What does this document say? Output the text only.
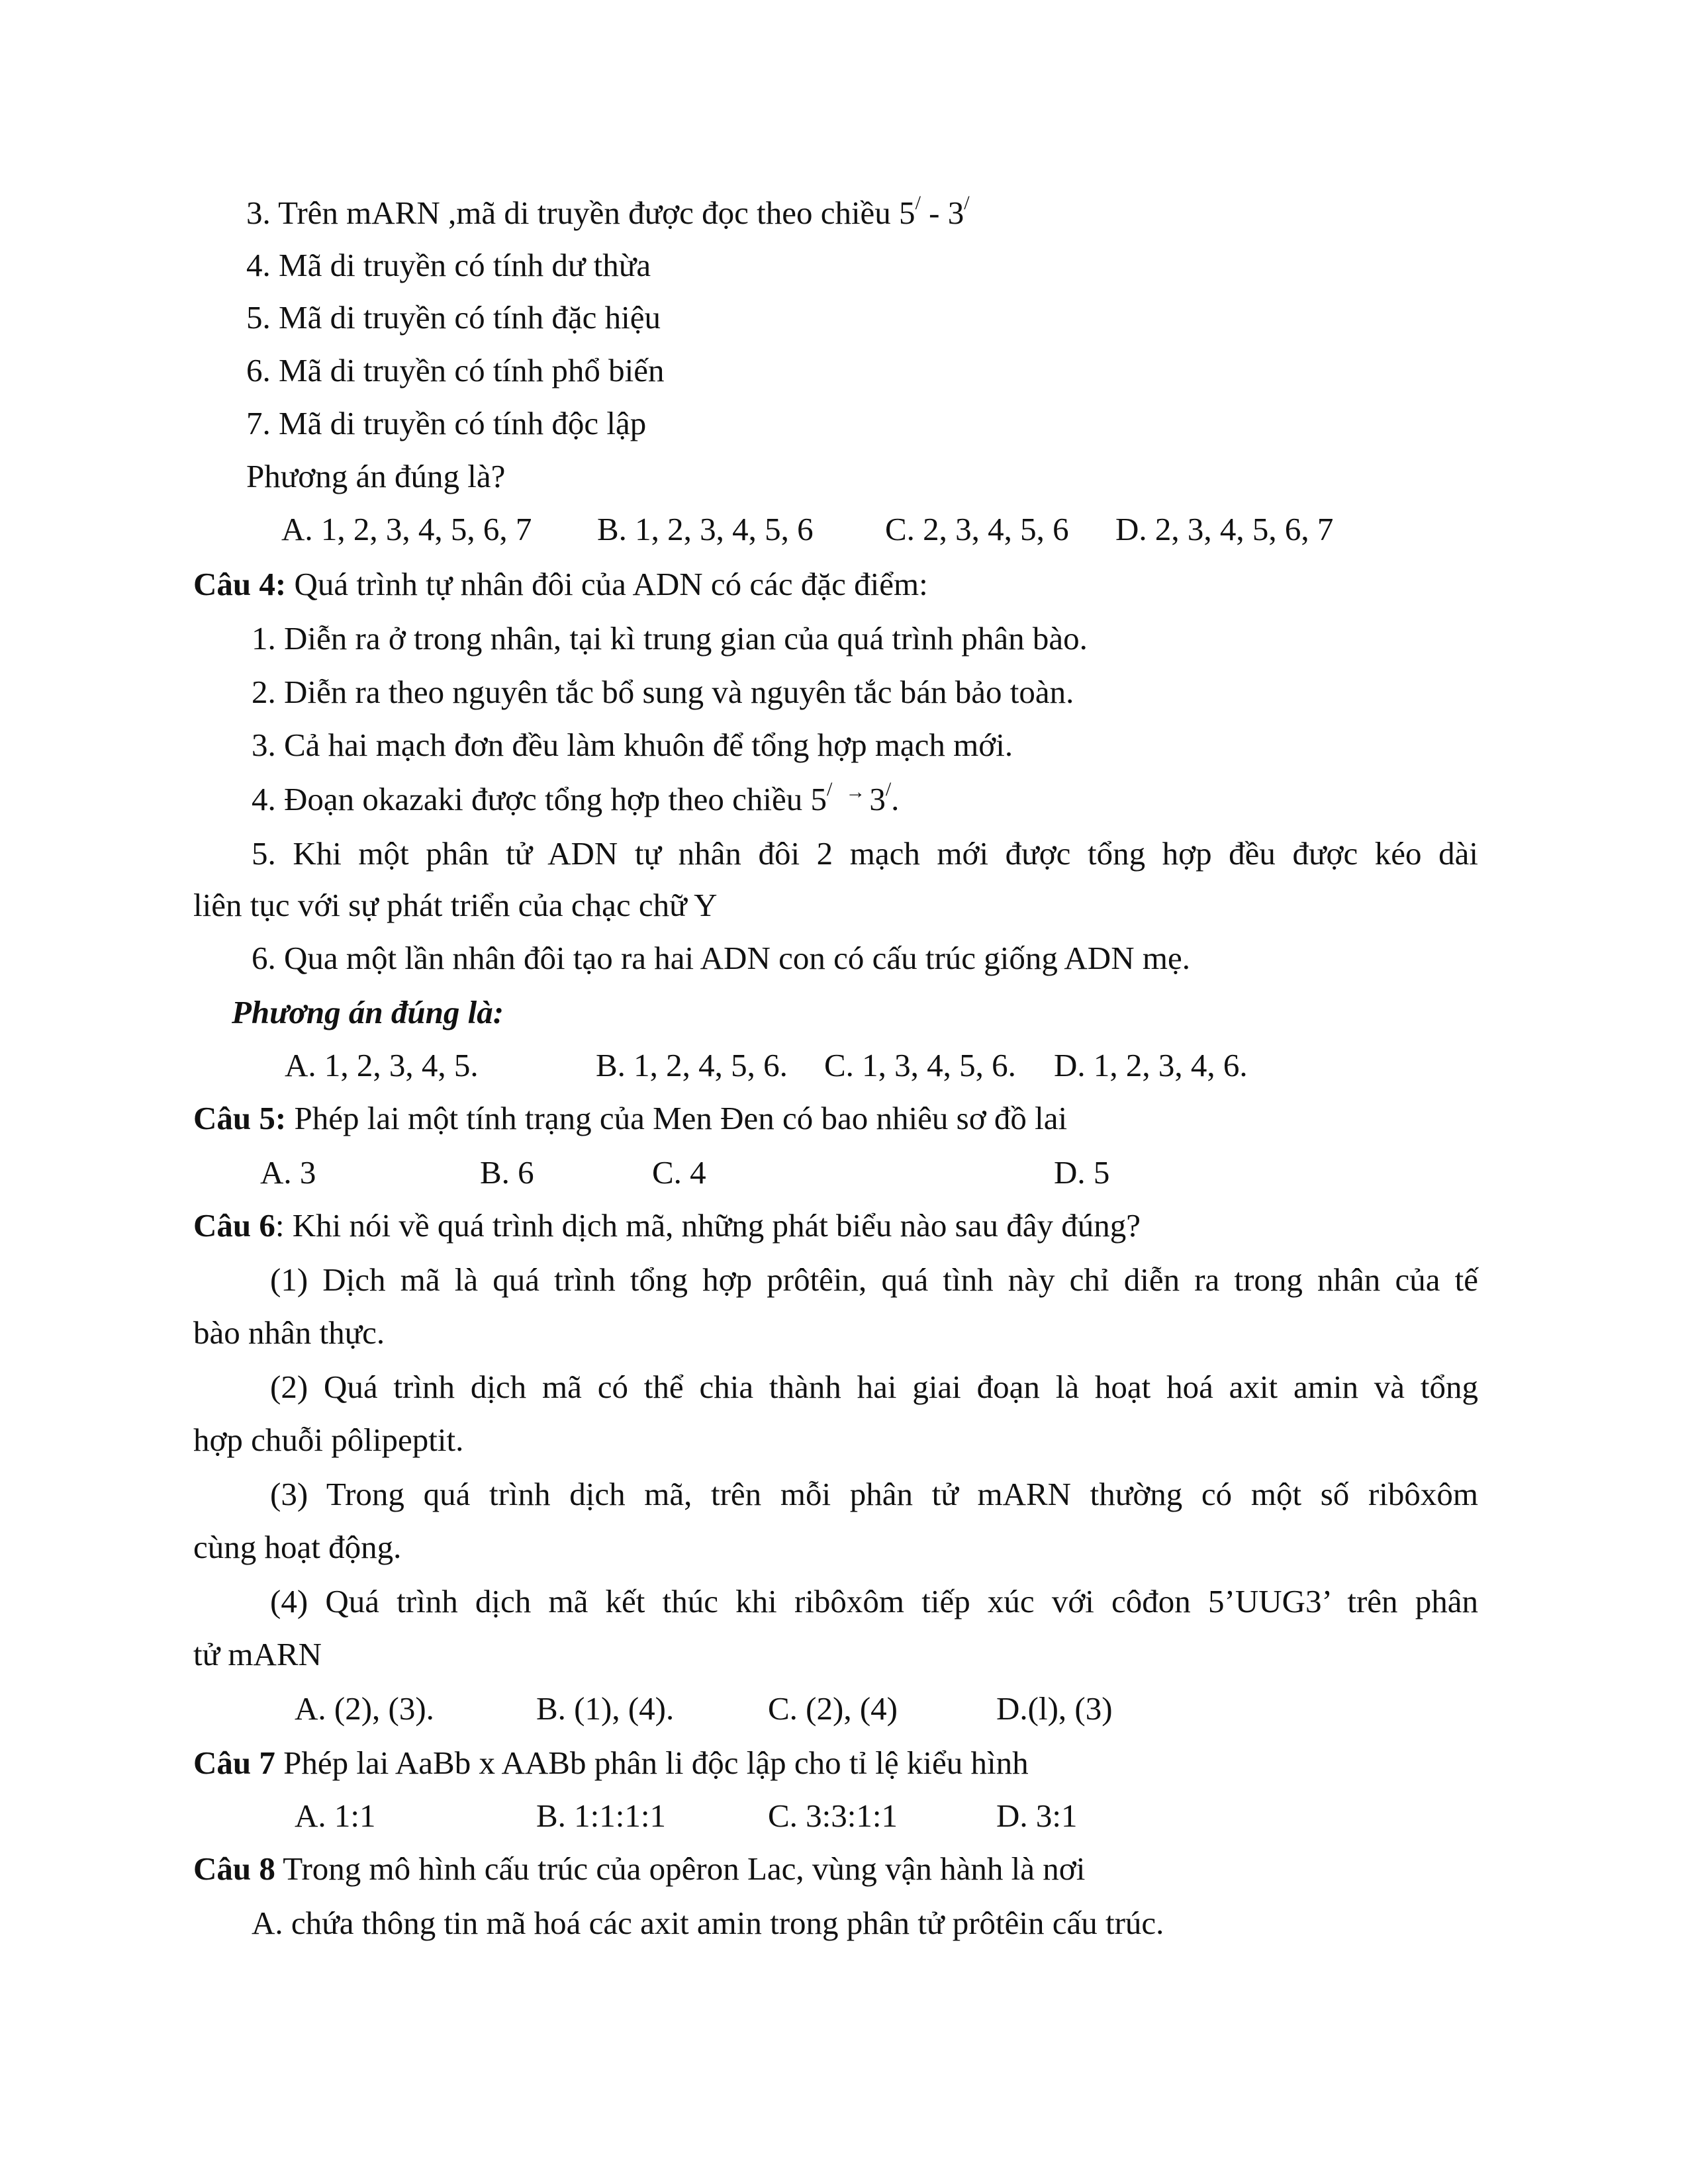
3. Trên mARN ,mã di truyền được đọc theo chiều 5/ - 3/
4. Mã di truyền có tính dư thừa
5. Mã di truyền có tính đặc hiệu
6. Mã di truyền có tính phổ biến
7. Mã di truyền có tính độc lập
Phương án đúng là?
A. 1, 2, 3, 4, 5, 6, 7 B. 1, 2, 3, 4, 5, 6 C. 2, 3, 4, 5, 6 D. 2, 3, 4, 5, 6, 7
Câu 4: Quá trình tự nhân đôi của ADN có các đặc điểm:
1. Diễn ra ở trong nhân, tại kì trung gian của quá trình phân bào.
2. Diễn ra theo nguyên tắc bổ sung và nguyên tắc bán bảo toàn.
3. Cả hai mạch đơn đều làm khuôn để tổng hợp mạch mới.
4. Đoạn okazaki được tổng hợp theo chiều 5/ → 3/.
5. Khi một phân tử ADN tự nhân đôi 2 mạch mới được tổng hợp đều được kéo dài
liên tục với sự phát triển của chạc chữ Y
6. Qua một lần nhân đôi tạo ra hai ADN con có cấu trúc giống ADN mẹ.
Phương án đúng là:
A. 1, 2, 3, 4, 5.	B. 1, 2, 4, 5, 6. C. 1, 3, 4, 5, 6. D. 1, 2, 3, 4, 6.
Câu 5: Phép lai một tính trạng của Men Đen có bao nhiêu sơ đồ lai
A. 3	B. 6	C. 4	D. 5
Câu 6: Khi nói về quá trình dịch mã, những phát biểu nào sau đây đúng?
(1) Dịch mã là quá trình tổng hợp prôtêin, quá tình này chỉ diễn ra trong nhân của tế
bào nhân thực.
(2) Quá trình dịch mã có thể chia thành hai giai đoạn là hoạt hoá axit amin và tổng
hợp chuỗi pôlipeptit.
(3) Trong quá trình dịch mã, trên mỗi phân tử mARN thường có một số ribôxôm
cùng hoạt động.
(4) Quá trình dịch mã kết thúc khi ribôxôm tiếp xúc với côđon 5’UUG3’ trên phân
tử mARN
A. (2), (3).	B. (1), (4).	C. (2), (4)	D.(l), (3)
Câu 7 Phép lai AaBb x AABb phân li độc lập cho tỉ lệ kiểu hình
A. 1:1	B. 1:1:1:1	C. 3:3:1:1	D. 3:1
Câu 8 Trong mô hình cấu trúc của opêron Lac, vùng vận hành là nơi
A. chứa thông tin mã hoá các axit amin trong phân tử prôtêin cấu trúc.
